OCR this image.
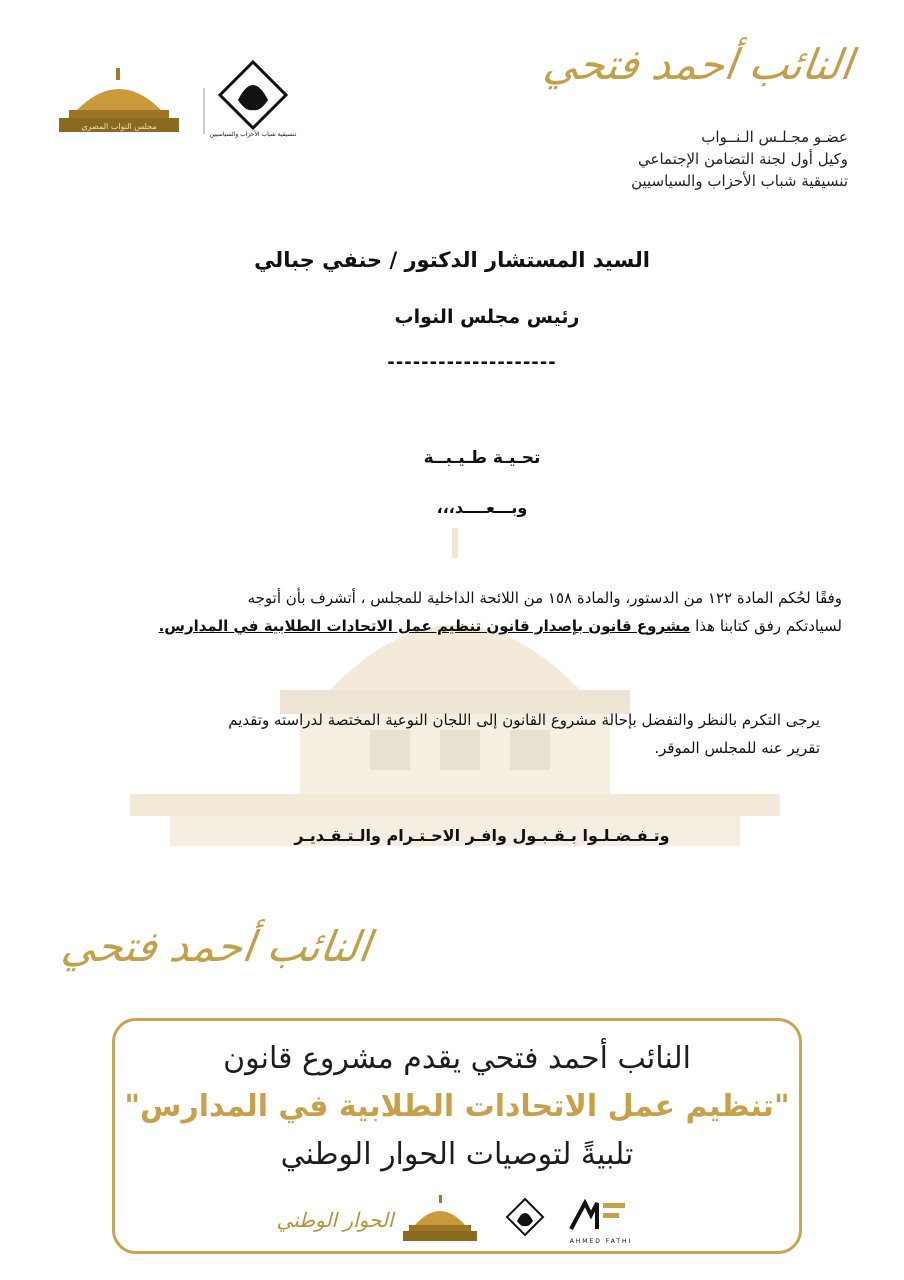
مجلس النواب المصري
تنسيقية شباب الأحزاب والسياسيين
النائب أحمد فتحي
عضـو مجـلـس الـنــواب
وكيل أول لجنة التضامن الإجتماعي
تنسيقية شباب الأحزاب والسياسيين
السيد المستشار الدكتور / حنفي جبالي
رئيس مجلس النواب
--------------------
تحـيـة طـيـبــة
وبـــعــــد،،،
وفقًا لحُكم المادة ١٢٢ من الدستور، والمادة ١٥٨ من اللائحة الداخلية للمجلس ، أتشرف بأن أتوجه
لسيادتكم رفق كتابنا هذا مشروع قانون بإصدار قانون تنظيم عمل الاتحادات الطلابية في المدارس.
يرجى التكرم بالنظر والتفضل بإحالة مشروع القانون إلى اللجان النوعية المختصة لدراسته وتقديم
تقرير عنه للمجلس الموقر.
وتـفـضـلـوا بـقـبـول وافـر الاحـتـرام والـتـقـديـر
النائب أحمد فتحي
النائب أحمد فتحي يقدم مشروع قانون
"تنظيم عمل الاتحادات الطلابية في المدارس"
تلبيةً لتوصيات الحوار الوطني
الحوار الوطني
AHMED FATHI
